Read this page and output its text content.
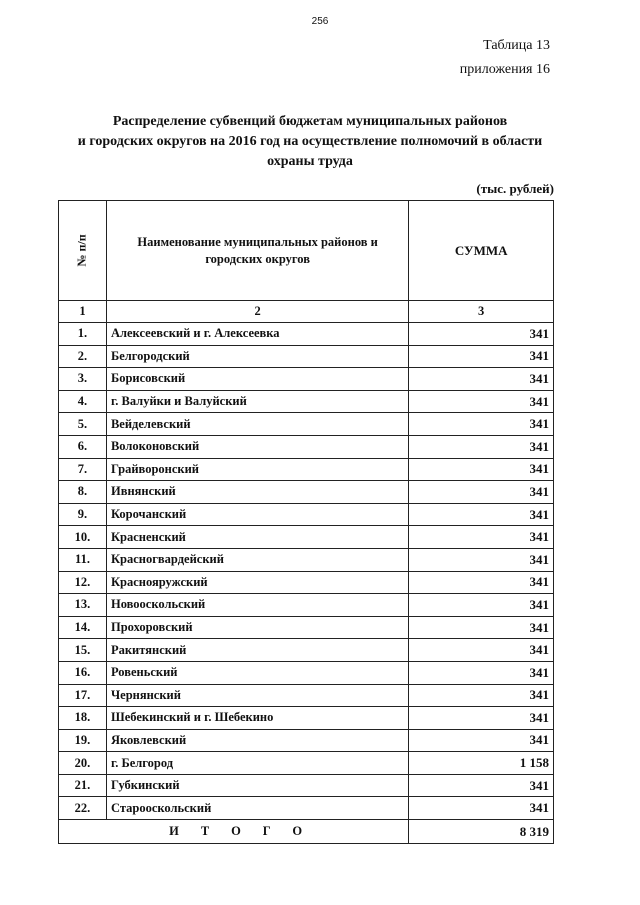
256
Таблица 13
приложения 16
Распределение субвенций бюджетам муниципальных районов
и городских округов на 2016 год на осуществление полномочий в области
охраны труда
(тыс. рублей)
№ п/п	Наименование муниципальных районов и городских округов	СУММА
1	2	3
1.	Алексеевский и г. Алексеевка	341
2.	Белгородский	341
3.	Борисовский	341
4.	г. Валуйки и Валуйский	341
5.	Вейделевский	341
6.	Волоконовский	341
7.	Грайворонский	341
8.	Ивнянский	341
9.	Корочанский	341
10.	Красненский	341
11.	Красногвардейский	341
12.	Краснояружский	341
13.	Новооскольский	341
14.	Прохоровский	341
15.	Ракитянский	341
16.	Ровеньский	341
17.	Чернянский	341
18.	Шебекинский и г. Шебекино	341
19.	Яковлевский	341
20.	г. Белгород	1 158
21.	Губкинский	341
22.	Старооскольский	341
ИТОГО		8 319
